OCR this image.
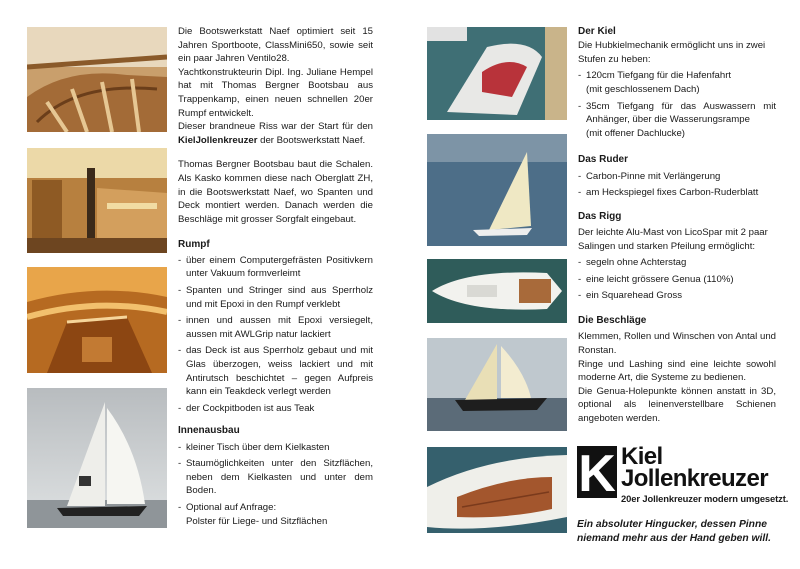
Die Bootswerkstatt Naef optimiert seit 15 Jahren Sportboote, ClassMini650, sowie seit ein paar Jahren Ventilo28.

Yachtkonstrukteurin Dipl. Ing. Juliane Hempel hat mit Thomas Bergner Bootsbau aus Trappenkamp, einen neuen schnellen 20er Rumpf entwickelt.

Dieser brandneue Riss war der Start für den KielJollenkreuzer der Bootswerkstatt Naef.

Thomas Bergner Bootsbau baut die Schalen. Als Kasko kommen diese nach Oberglatt ZH, in die Bootswerkstatt Naef, wo Spanten und Deck montiert werden. Danach werden die Beschläge mit grosser Sorgfalt eingebaut.

Rumpf
- über einem Computergefrästen Positivkern unter Vakuum formverleimt
- Spanten und Stringer sind aus Sperrholz und mit Epoxi in den Rumpf verklebt
- innen und aussen mit Epoxi versiegelt, aussen mit AWLGrip natur lackiert
- das Deck ist aus Sperrholz gebaut und mit Glas überzogen, weiss lackiert und mit Antirutsch beschichtet – gegen Aufpreis kann ein Teakdeck verlegt werden
- der Cockpitboden ist aus Teak
Innenausbau
- kleiner Tisch über dem Kielkasten
- Staumöglichkeiten unter den Sitzflächen, neben dem Kielkasten und unter dem Boden.
- Optional auf Anfrage:
Polster für Liege- und Sitzflächen
Der Kiel

Die Hubkielmechanik ermöglicht uns in zwei Stufen zu heben:

- 120cm Tiefgang für die Hafenfahrt
(mit geschlossenem Dach)
- 35cm Tiefgang für das Auswassern mit Anhänger, über die Wasserungsrampe
(mit offener Dachlucke)
Das Ruder
- Carbon-Pinne mit Verlängerung
- am Heckspiegel fixes Carbon-Ruderblatt
Das Rigg

Der leichte Alu-Mast von LicoSpar mit 2 paar Salingen und starken Pfeilung ermöglicht:

- segeln ohne Achterstag
- eine leicht grössere Genua (110%)
- ein Squarehead Gross
Die Beschläge

Klemmen, Rollen und Winschen von Antal und Ronstan.

Ringe und Lashing sind eine leichte sowohl moderne Art, die Systeme zu bedienen.

Die Genua-Holepunkte können anstatt in 3D, optional als leinenverstellbare Schienen angeboten werden.

K Kiel
Jollenkreuzer
20er Jollenkreuzer modern umgesetzt.
Ein absoluter Hingucker, dessen Pinne niemand mehr aus der Hand geben will.
